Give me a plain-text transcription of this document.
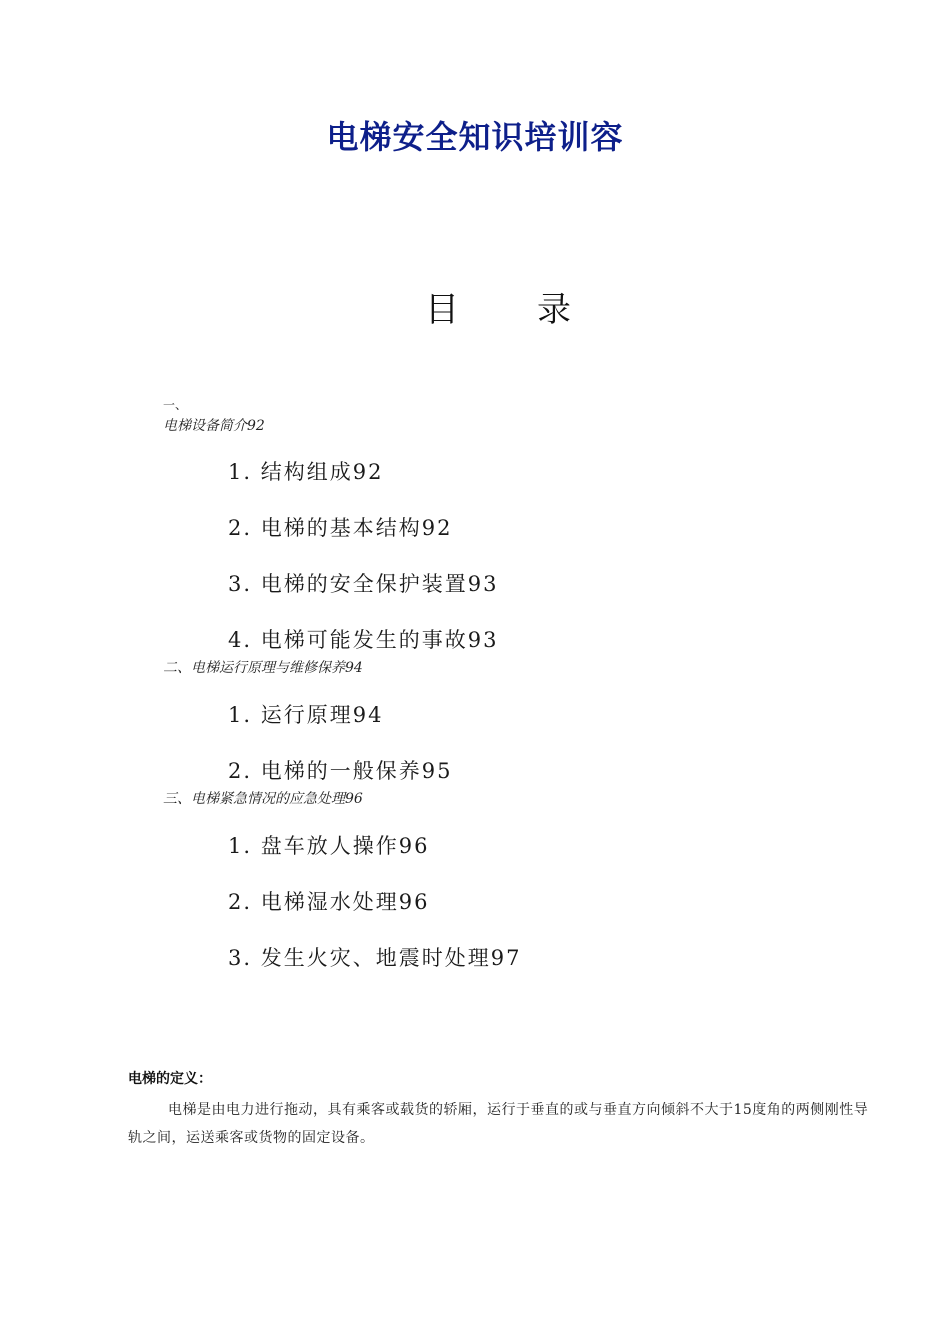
电梯安全知识培训容
目 录
一、
电梯设备简介92
1. 结构组成92
2. 电梯的基本结构92
3. 电梯的安全保护装置93
4. 电梯可能发生的事故93
二、电梯运行原理与维修保养94
1. 运行原理94
2. 电梯的一般保养95
三、电梯紧急情况的应急处理96
1. 盘车放人操作96
2. 电梯湿水处理96
3. 发生火灾、地震时处理97
电梯的定义：
电梯是由电力进行拖动，具有乘客或载货的轿厢，运行于垂直的或与垂直方向倾斜不大于15度角的两侧刚性导轨之间，运送乘客或货物的固定设备。
